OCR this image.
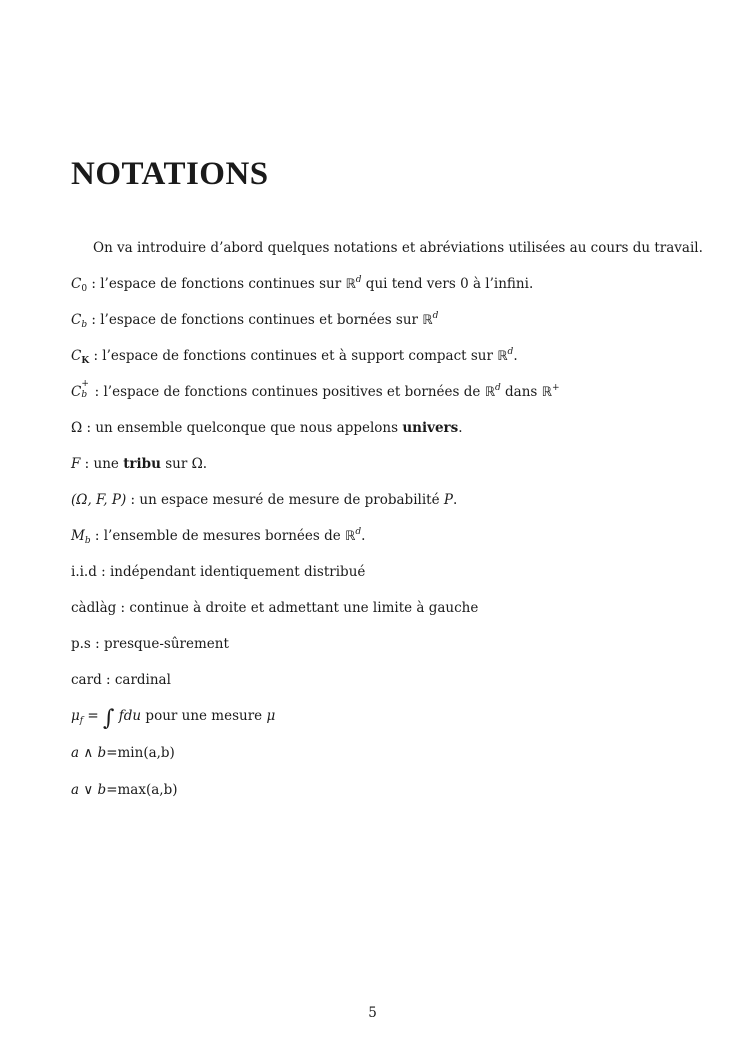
NOTATIONS
On va introduire d’abord quelques notations et abréviations utilisées au cours du travail.
$C_0$ : l’espace de fonctions continues sur ℝ$^d$ qui tend vers 0 à l’infini.
$C_b$ : l’espace de fonctions continues et bornées sur ℝ$^d$
$C_K$ : l’espace de fonctions continues et à support compact sur ℝ$^d$.
C +
b : l’espace de fonctions continues positives et bornées de ℝ$^d$ dans ℝ+
Ω : un ensemble quelconque que nous appelons univers.
F : une tribu sur Ω.
(Ω, F, P) : un espace mesuré de mesure de probabilité P.
$M_b$ : l’ensemble de mesures bornées de ℝ$^d$.
i.i.d : indépendant identiquement distribué
càdlàg : continue à droite et admettant une limite à gauche
p.s : presque-sûrement
card : cardinal
$\mu_f$ = ∫ fdu pour une mesure μ
a ∧ b=min(a,b)
a ∨ b=max(a,b)
5
